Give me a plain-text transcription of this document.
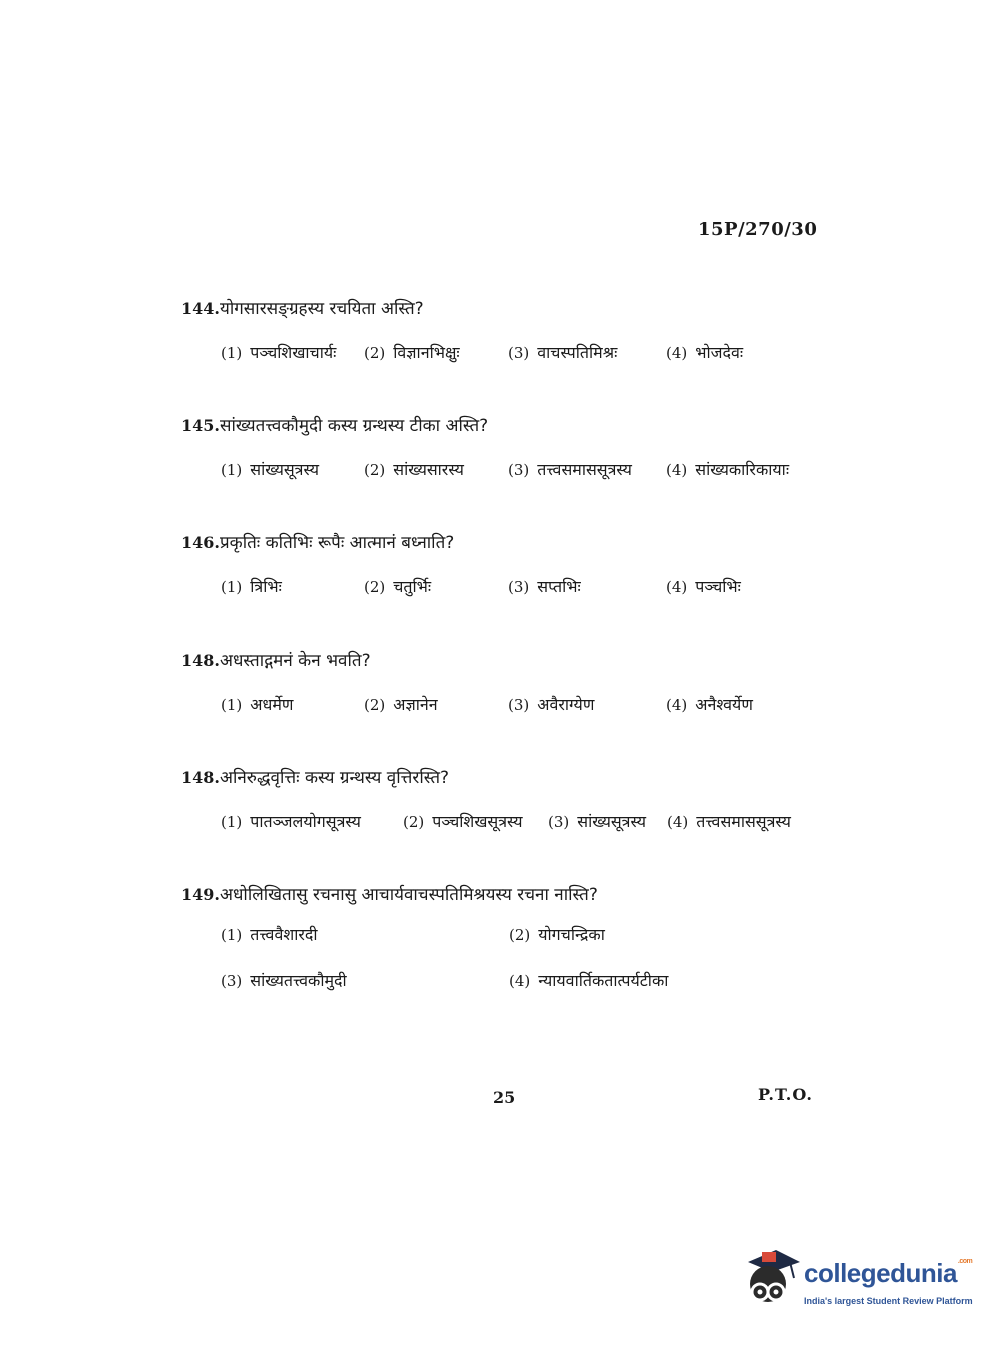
15P/270/30
144.योगसारसङ्ग्रहस्य रचयिता अस्ति?
(1) पञ्चशिखाचार्यः (2) विज्ञानभिक्षुः	(3) वाचस्पतिमिश्रः	(4) भोजदेवः
145.सांख्यतत्त्वकौमुदी कस्य ग्रन्थस्य टीका अस्ति?
(1) सांख्यसूत्रस्य	(2) सांख्यसारस्य	(3) तत्त्वसमाससूत्रस्य (4) सांख्यकारिकायाः
146.प्रकृतिः कतिभिः रूपैः आत्मानं बध्नाति?
(1) त्रिभिः	(2) चतुर्भिः	(3) सप्तभिः	(4) पञ्चभिः
148.अधस्ताद्गमनं केन भवति?
(1) अधर्मेण	(2) अज्ञानेन	(3) अवैराग्येण	(4) अनैश्वर्येण
148.अनिरुद्धवृत्तिः कस्य ग्रन्थस्य वृत्तिरस्ति?
(1) पातञ्जलयोगसूत्रस्य	(2) पञ्चशिखसूत्रस्य (3) सांख्यसूत्रस्य (4) तत्त्वसमाससूत्रस्य
149.अधोलिखितासु रचनासु आचार्यवाचस्पतिमिश्रयस्य रचना नास्ति?
(1) तत्त्ववैशारदी	(2) योगचन्द्रिका
(3) सांख्यतत्त्वकौमुदी	(4) न्यायवार्तिकतात्पर्यटीका
25	P.T.O.
collegedunia$^{.com}$
India's largest Student Review Platform
